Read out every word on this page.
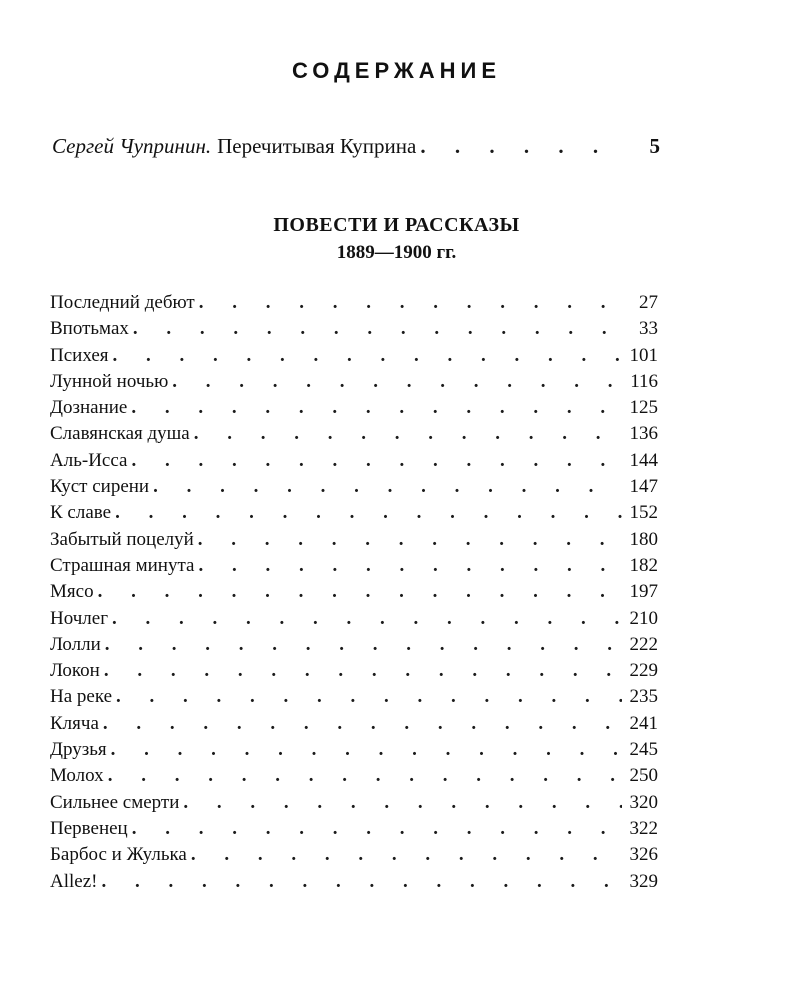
СОДЕРЖАНИЕ
Сергей Чупринин. Перечитывая Куприна . . .	5
ПОВЕСТИ И РАССКАЗЫ
1889—1900 гг.
Последний дебют . . .	27
Впотьмах . . .	33
Психея . . .	101
Лунной ночью . . .	116
Дознание . . .	125
Славянская душа . . .	136
Аль-Исса . . .	144
Куст сирени . . .	147
К славе . . .	152
Забытый поцелуй . . .	180
Страшная минута . . .	182
Мясо . . .	197
Ночлег . . .	210
Лолли . . .	222
Локон . . .	229
На реке . . .	235
Кляча . . .	241
Друзья . . .	245
Молох . . .	250
Сильнее смерти . . .	320
Первенец . . .	322
Барбос и Жулька . . .	326
Allez! . . .	329
